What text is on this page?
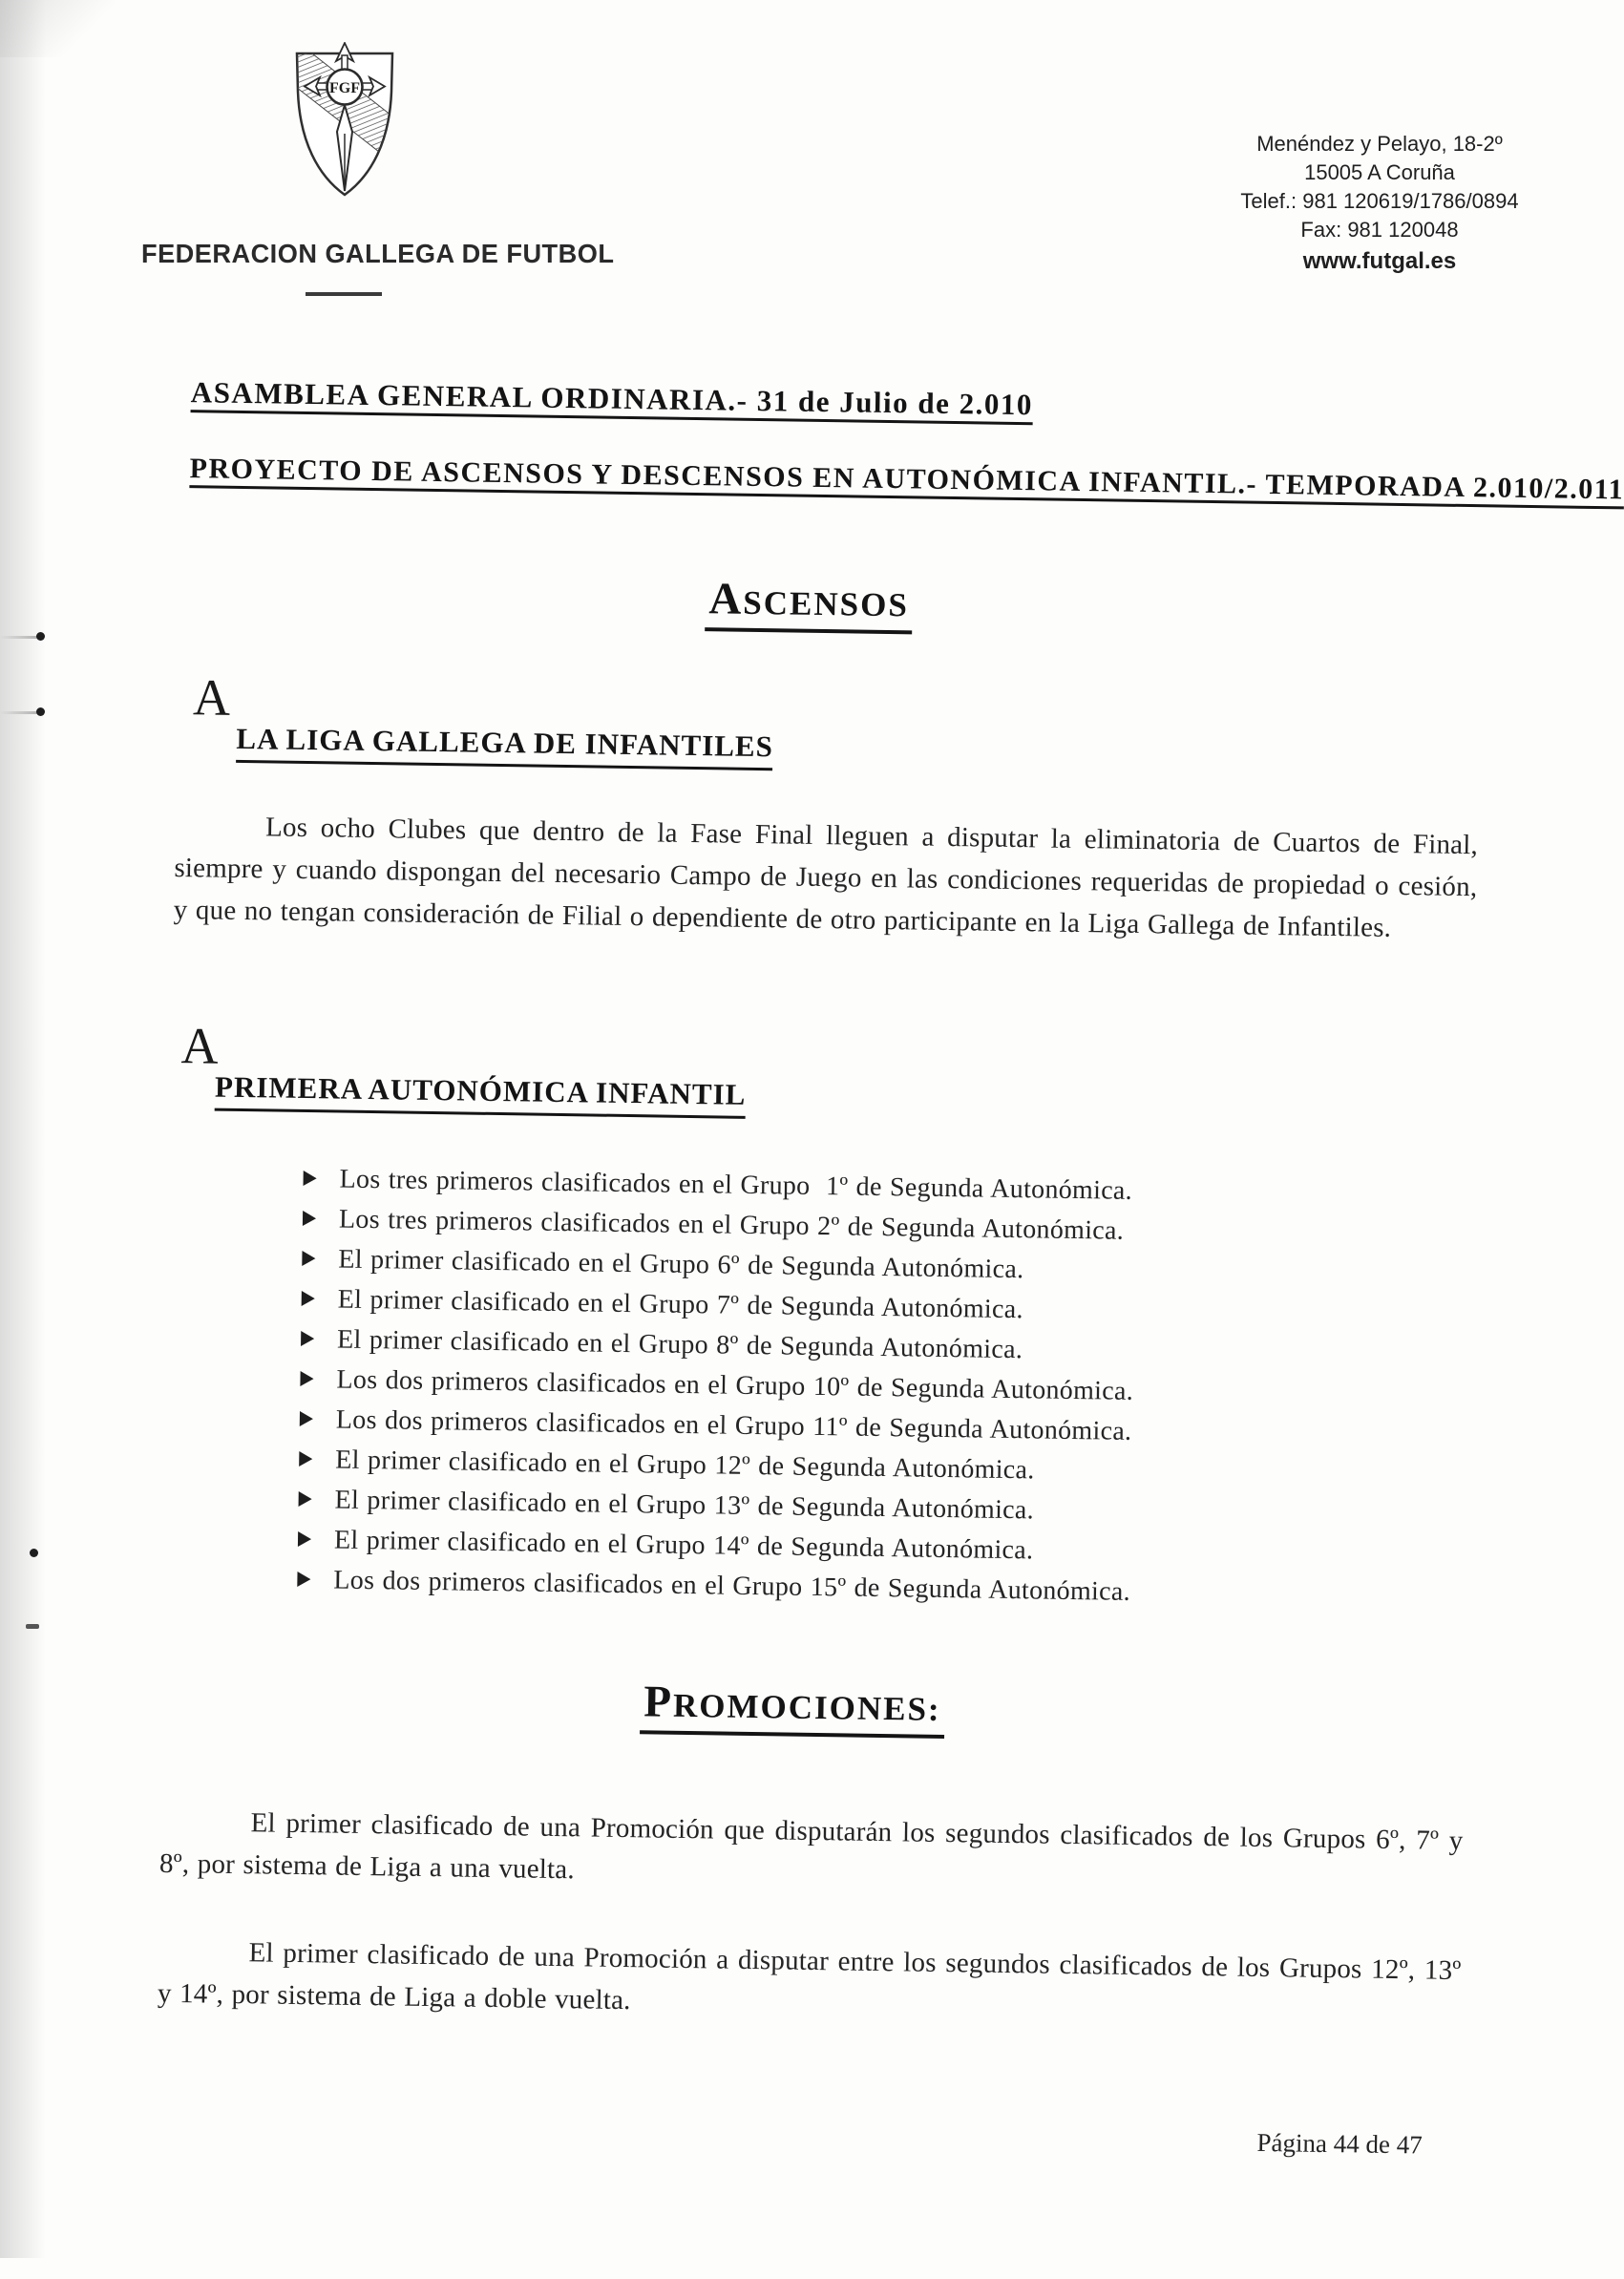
FGF
FEDERACION GALLEGA DE FUTBOL
Menéndez y Pelayo, 18-2º
15005 A Coruña
Telef.: 981 120619/1786/0894
Fax: 981 120048
www.futgal.es
ASAMBLEA GENERAL ORDINARIA.- 31 de Julio de 2.010
PROYECTO DE ASCENSOS Y DESCENSOS EN AUTONÓMICA INFANTIL.- TEMPORADA 2.010/2.011
ASCENSOS
A
LA LIGA GALLEGA DE INFANTILES

Los ocho Clubes que dentro de la Fase Final lleguen a disputar la eliminatoria de Cuartos de Final, siempre y cuando dispongan del necesario Campo de Juego en las condiciones requeridas de propiedad o cesión, y que no tengan consideración de Filial o dependiente de otro participante en la Liga Gallega de Infantiles.

A
PRIMERA AUTONÓMICA INFANTIL
Los tres primeros clasificados en el Grupo  1º de Segunda Autonómica.
Los tres primeros clasificados en el Grupo 2º de Segunda Autonómica.
El primer clasificado en el Grupo 6º de Segunda Autonómica.
El primer clasificado en el Grupo 7º de Segunda Autonómica.
El primer clasificado en el Grupo 8º de Segunda Autonómica.
Los dos primeros clasificados en el Grupo 10º de Segunda Autonómica.
Los dos primeros clasificados en el Grupo 11º de Segunda Autonómica.
El primer clasificado en el Grupo 12º de Segunda Autonómica.
El primer clasificado en el Grupo 13º de Segunda Autonómica.
El primer clasificado en el Grupo 14º de Segunda Autonómica.
Los dos primeros clasificados en el Grupo 15º de Segunda Autonómica.
PROMOCIONES:

El primer clasificado de una Promoción que disputarán los segundos clasificados de los Grupos 6º, 7º y 8º, por sistema de Liga a una vuelta.

El primer clasificado de una Promoción a disputar entre los segundos clasificados de los Grupos 12º, 13º y 14º, por sistema de Liga a doble vuelta.

Página 44 de 47
